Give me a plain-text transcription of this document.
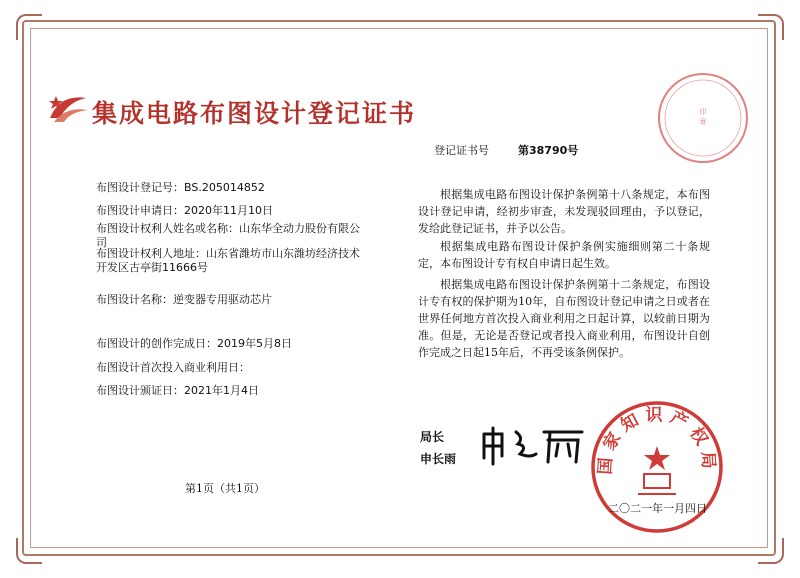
集成电路布图设计登记证书	印
章
登记证书号	第38790号
布图设计登记号：BS.205014852
布图设计申请日：2020年11月10日
布图设计权利人姓名或名称：山东华全动力股份有限公司
布图设计权利人地址：山东省潍坊市山东潍坊经济技术开发区古亭街11666号
布图设计名称：逆变器专用驱动芯片
布图设计的创作完成日：2019年5月8日
布图设计首次投入商业利用日：
布图设计颁证日：2021年1月4日
根据集成电路布图设计保护条例第十八条规定，本布图设计登记申请，经初步审查，未发现驳回理由，予以登记，发给此登记证书，并予以公告。
根据集成电路布图设计保护条例实施细则第二十条规定，本布图设计专有权自申请日起生效。
根据集成电路布图设计保护条例第十二条规定，布图设计专有权的保护期为10年，自布图设计登记申请之日或者在世界任何地方首次投入商业利用之日起计算，以较前日期为准。但是，无论是否登记或者投入商业利用，布图设计自创作完成之日起15年后，不再受该条例保护。
局长
申长雨	国家知识产权局
第1页（共1页）
二〇二一年一月四日
